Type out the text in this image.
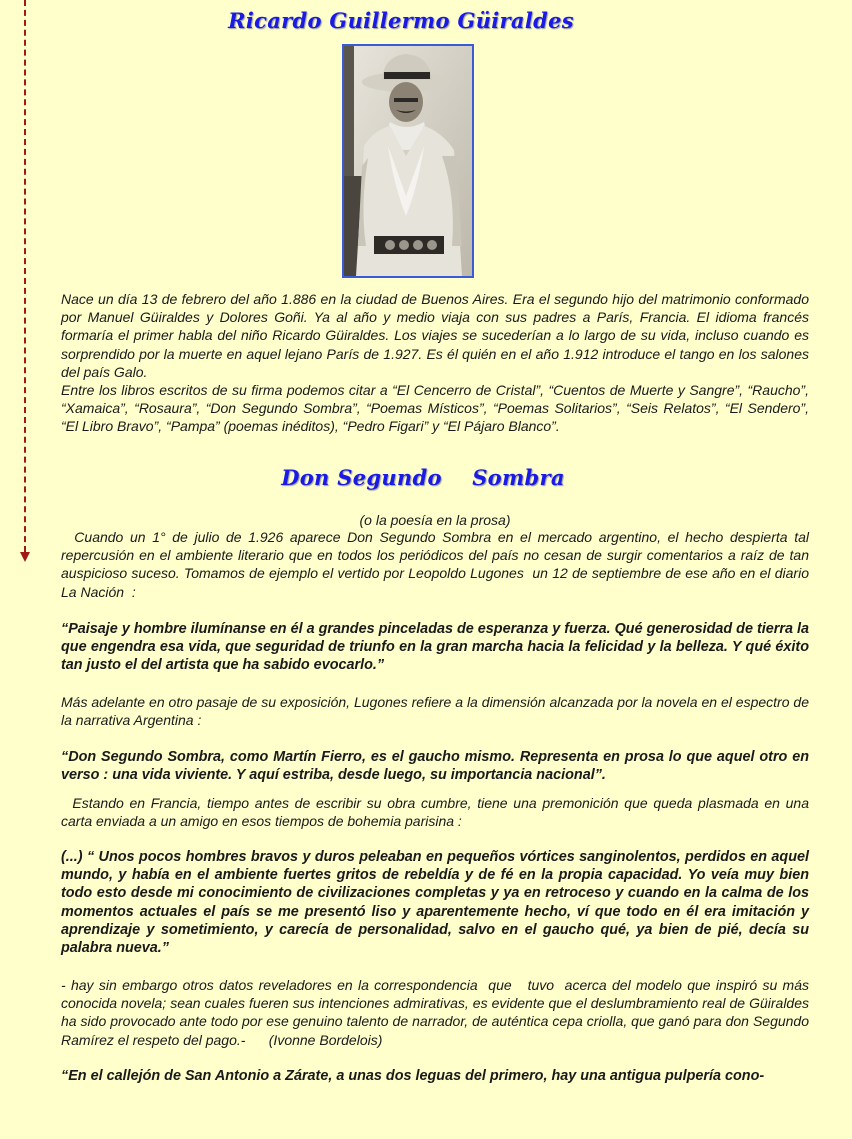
Ricardo Guillermo Güiraldes

Nace un día 13 de febrero del año 1.886 en la ciudad de Buenos Aires. Era el segundo hijo del matrimonio conformado por Manuel Güiraldes y Dolores Goñi. Ya al año y medio viaja con sus padres a París, Francia. El idioma francés formaría el primer habla del niño Ricardo Güiraldes. Los viajes se sucederían a lo largo de su vida, incluso cuando es sorprendido por la muerte en aquel lejano París de 1.927. Es él quién en el año 1.912 introduce el tango en los salones del país Galo.

Entre los libros escritos de su firma podemos citar a “El Cencerro de Cristal”, “Cuentos de Muerte y Sangre”, “Raucho”, “Xamaica”, “Rosaura”, “Don Segundo Sombra”, “Poemas Místicos”, “Poemas Solitarios”, “Seis Relatos”, “El Sendero”, “El Libro Bravo”, “Pampa” (poemas inéditos), “Pedro Figari” y “El Pájaro Blanco”.

Don Segundo    Sombra

(o la poesía en la prosa)

Cuando un 1° de julio de 1.926 aparece Don Segundo Sombra en el mercado argentino, el hecho despierta tal repercusión en el ambiente literario que en todos los periódicos del país no cesan de surgir comentarios a raíz de tan auspicioso suceso. Tomamos de ejemplo el vertido por Leopoldo Lugones  un 12 de septiembre de ese año en el diario  La Nación  :

“Paisaje y hombre ilumínanse en él a grandes pinceladas de esperanza y fuerza. Qué generosidad de tierra la que engendra esa vida, que seguridad de triunfo en la gran marcha hacia la felicidad y la belleza. Y qué éxito tan justo el del artista que ha sabido evocarlo.”

Más adelante en otro pasaje de su exposición, Lugones refiere a la dimensión alcanzada por la novela en el espectro de la narrativa Argentina :

“Don Segundo Sombra, como Martín Fierro, es el gaucho mismo. Representa en prosa lo que aquel otro en verso : una vida viviente. Y aquí estriba, desde luego, su importancia nacional”.

Estando en Francia, tiempo antes de escribir su obra cumbre, tiene una premonición que queda plasmada en una carta enviada a un amigo en esos tiempos de bohemia parisina :

(...) “ Unos pocos hombres bravos y duros peleaban en pequeños vórtices sanginolentos, perdidos en aquel mundo, y había en el ambiente fuertes gritos de rebeldía y de fé en la propia capacidad. Yo veía muy bien todo esto desde mi conocimiento de civilizaciones completas y ya en retroceso y cuando en la calma de los momentos actuales el país se me presentó liso y aparentemente hecho, ví que todo en él era imitación y aprendizaje y sometimiento, y carecía de personalidad, salvo en el gaucho qué, ya bien de pié, decía su palabra nueva.”

- hay sin embargo otros datos reveladores en la correspondencia  que   tuvo  acerca del modelo que inspiró su más conocida novela; sean cuales fueren sus intenciones admirativas, es evidente que el deslumbramiento real de Güiraldes ha sido provocado ante todo por ese genuino talento de narrador, de auténtica cepa criolla, que ganó para don Segundo Ramírez el respeto del pago.-      (Ivonne Bordelois)

“En el callejón de San Antonio a Zárate, a unas dos leguas del primero, hay una antigua pulpería cono-
